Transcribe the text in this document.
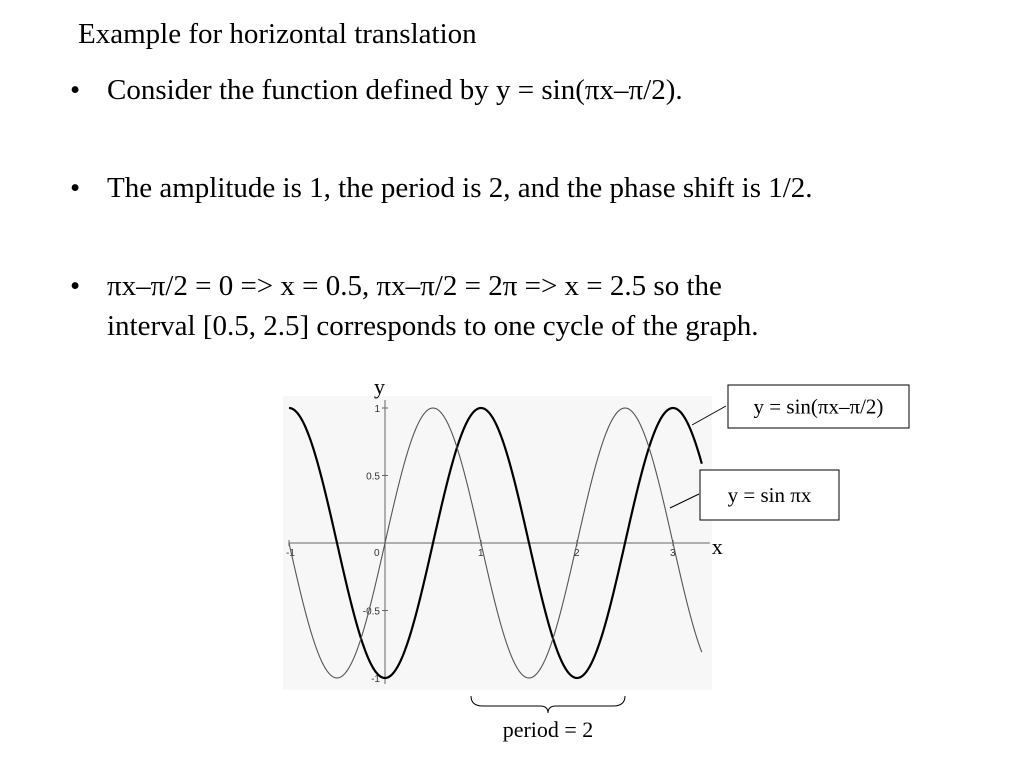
Example for horizontal translation
• Consider the function defined by y = sin(πx–π/2).
• The amplitude is 1, the period is 2, and the phase shift is 1/2.
• πx–π/2 = 0 => x = 0.5, πx–π/2 = 2π => x = 2.5 so the
interval [0.5, 2.5] corresponds to one cycle of the graph.
-1	0	1	2	3
1
0.5
-0.5
-1
x
y
y = sin(πx–π/2)
y = sin πx
period = 2
